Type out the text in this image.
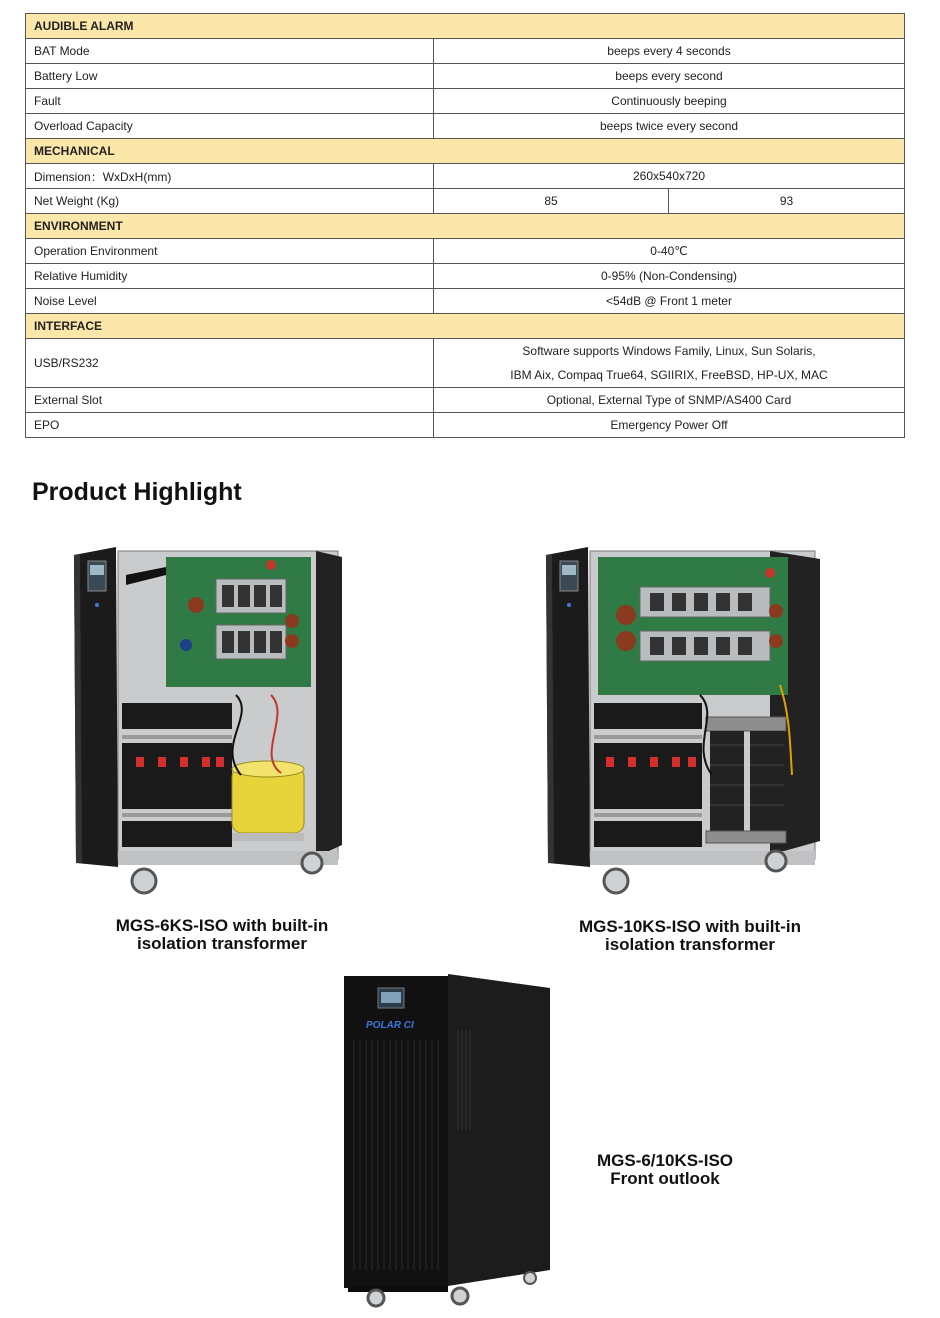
AUDIBLE ALARM		
BAT Mode	beeps every 4 seconds	
Battery Low	beeps every second	
Fault	Continuously beeping	
Overload Capacity	beeps twice every second	
MECHANICAL		
Dimension：WxDxH(mm)	260x540x720	
Net Weight (Kg)	85	93
ENVIRONMENT		
Operation Environment	0-40℃	
Relative Humidity	0-95% (Non-Condensing)	
Noise Level	<54dB @ Front 1 meter	
INTERFACE		
USB/RS232	Software supports Windows Family, Linux, Sun Solaris,
IBM Aix, Compaq True64, SGIIRIX, FreeBSD, HP-UX, MAC	

External Slot	Optional, External Type of SNMP/AS400 Card	
EPO	Emergency Power Off	
Product Highlight
MGS-6KS-ISO with built-in
isolation transformer
MGS-10KS-ISO with built-in
isolation transformer
POLAR CI
MGS-6/10KS-ISO
Front outlook
